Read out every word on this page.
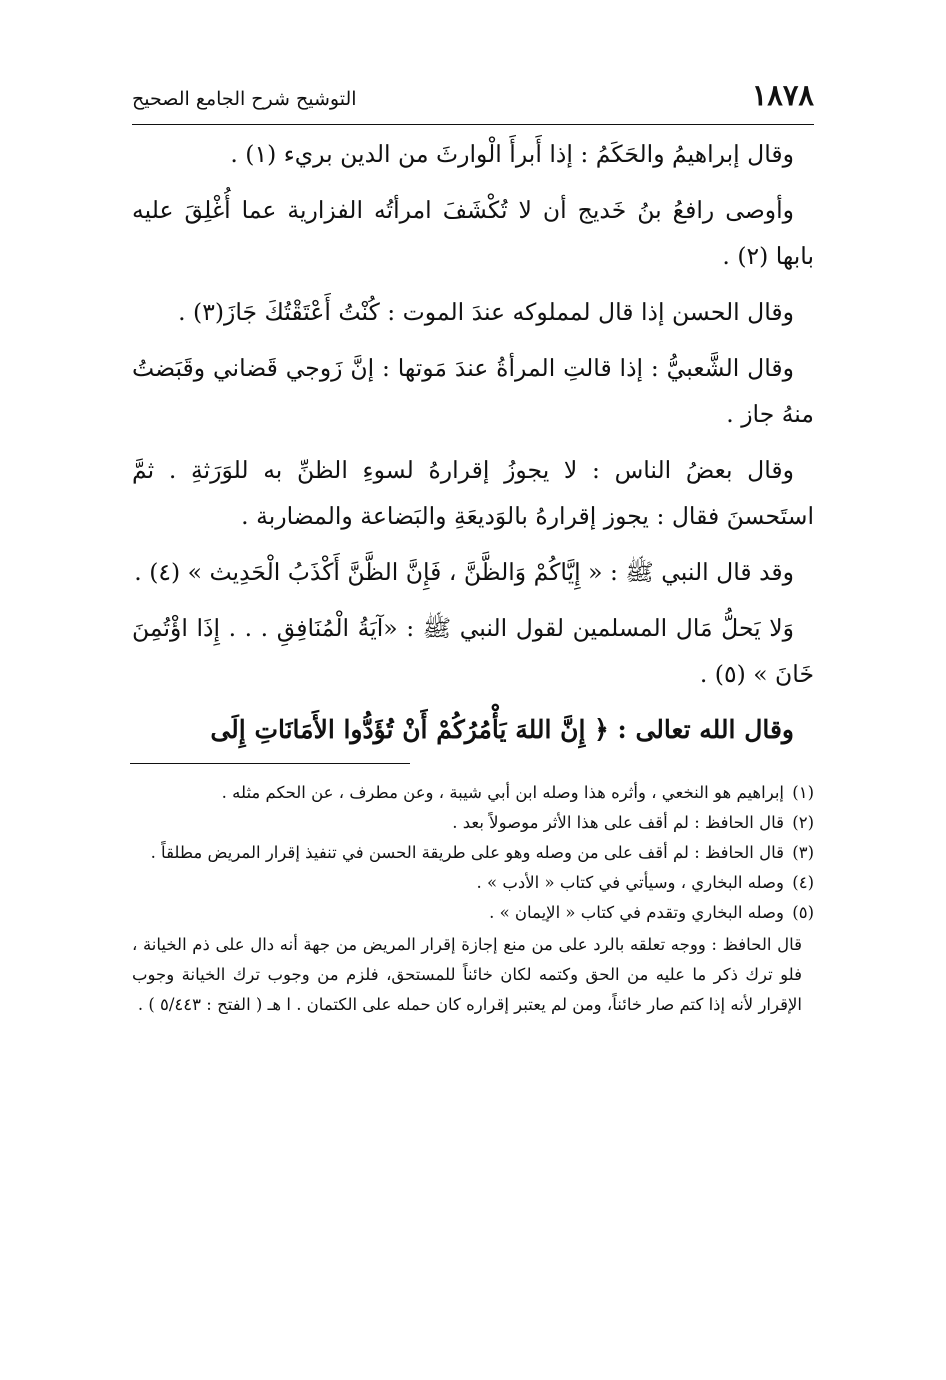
١٨٧٨
التوشيح شرح الجامع الصحيح

وقال إبراهيمُ والحَكَمُ : إذا أَبرأَ الْوارثَ من الدين بريء (١) .

وأوصى رافعُ بنُ خَديج أن لا تُكْشَفَ امرأتُه الفزارية عما أُغْلِقَ عليه بابها (٢) .

وقال الحسن إذا قال لمملوكه عندَ الموت : كُنْتُ أَعْتَقْتُكَ جَازَ(٣) .

وقال الشَّعبيُّ : إذا قالتِ المرأةُ عندَ مَوتها : إنَّ زَوجي قَضاني وقَبَضتُ منهُ جاز .

وقال بعضُ الناس : لا يجوزُ إقرارهُ لسوءِ الظنِّ به للوَرَثةِ . ثمَّ استَحسنَ فقال : يجوز إقرارهُ بالوَديعَةِ والبَضاعة والمضاربة .

وقد قال النبي ﷺ : « إِيَّاكُمْ وَالظَّنَّ ، فَإِنَّ الظَّنَّ أَكْذَبُ الْحَدِيث » (٤) .

وَلا يَحلُّ مَال المسلمين لقول النبي ﷺ : «آيَةُ الْمُنَافِقِ . . . إِذَا اؤْتُمِنَ خَانَ » (٥) .

وقال الله تعالى : ﴿ إِنَّ اللهَ يَأْمُرُكُمْ أَنْ تُؤَدُّوا الأَمَانَاتِ إِلَى

(١)إبراهيم هو النخعي ، وأثره هذا وصله ابن أبي شيبة ، وعن مطرف ، عن الحكم مثله .

(٢)قال الحافظ : لم أقف على هذا الأثر موصولاً بعد .

(٣)قال الحافظ : لم أقف على من وصله وهو على طريقة الحسن في تنفيذ إقرار المريض مطلقاً .

(٤)وصله البخاري ، وسيأتي في كتاب « الأدب » .

(٥)وصله البخاري وتقدم في كتاب « الإيمان » .

قال الحافظ : ووجه تعلقه بالرد على من منع إجازة إقرار المريض من جهة أنه دال على ذم الخيانة ، فلو ترك ذكر ما عليه من الحق وكتمه لكان خائناً للمستحق، فلزم من وجوب ترك الخيانة وجوب الإقرار لأنه إذا كتم صار خائناً، ومن لم يعتبر إقراره كان حمله على الكتمان . ا هـ ( الفتح : ٥/٤٤٣ ) .
